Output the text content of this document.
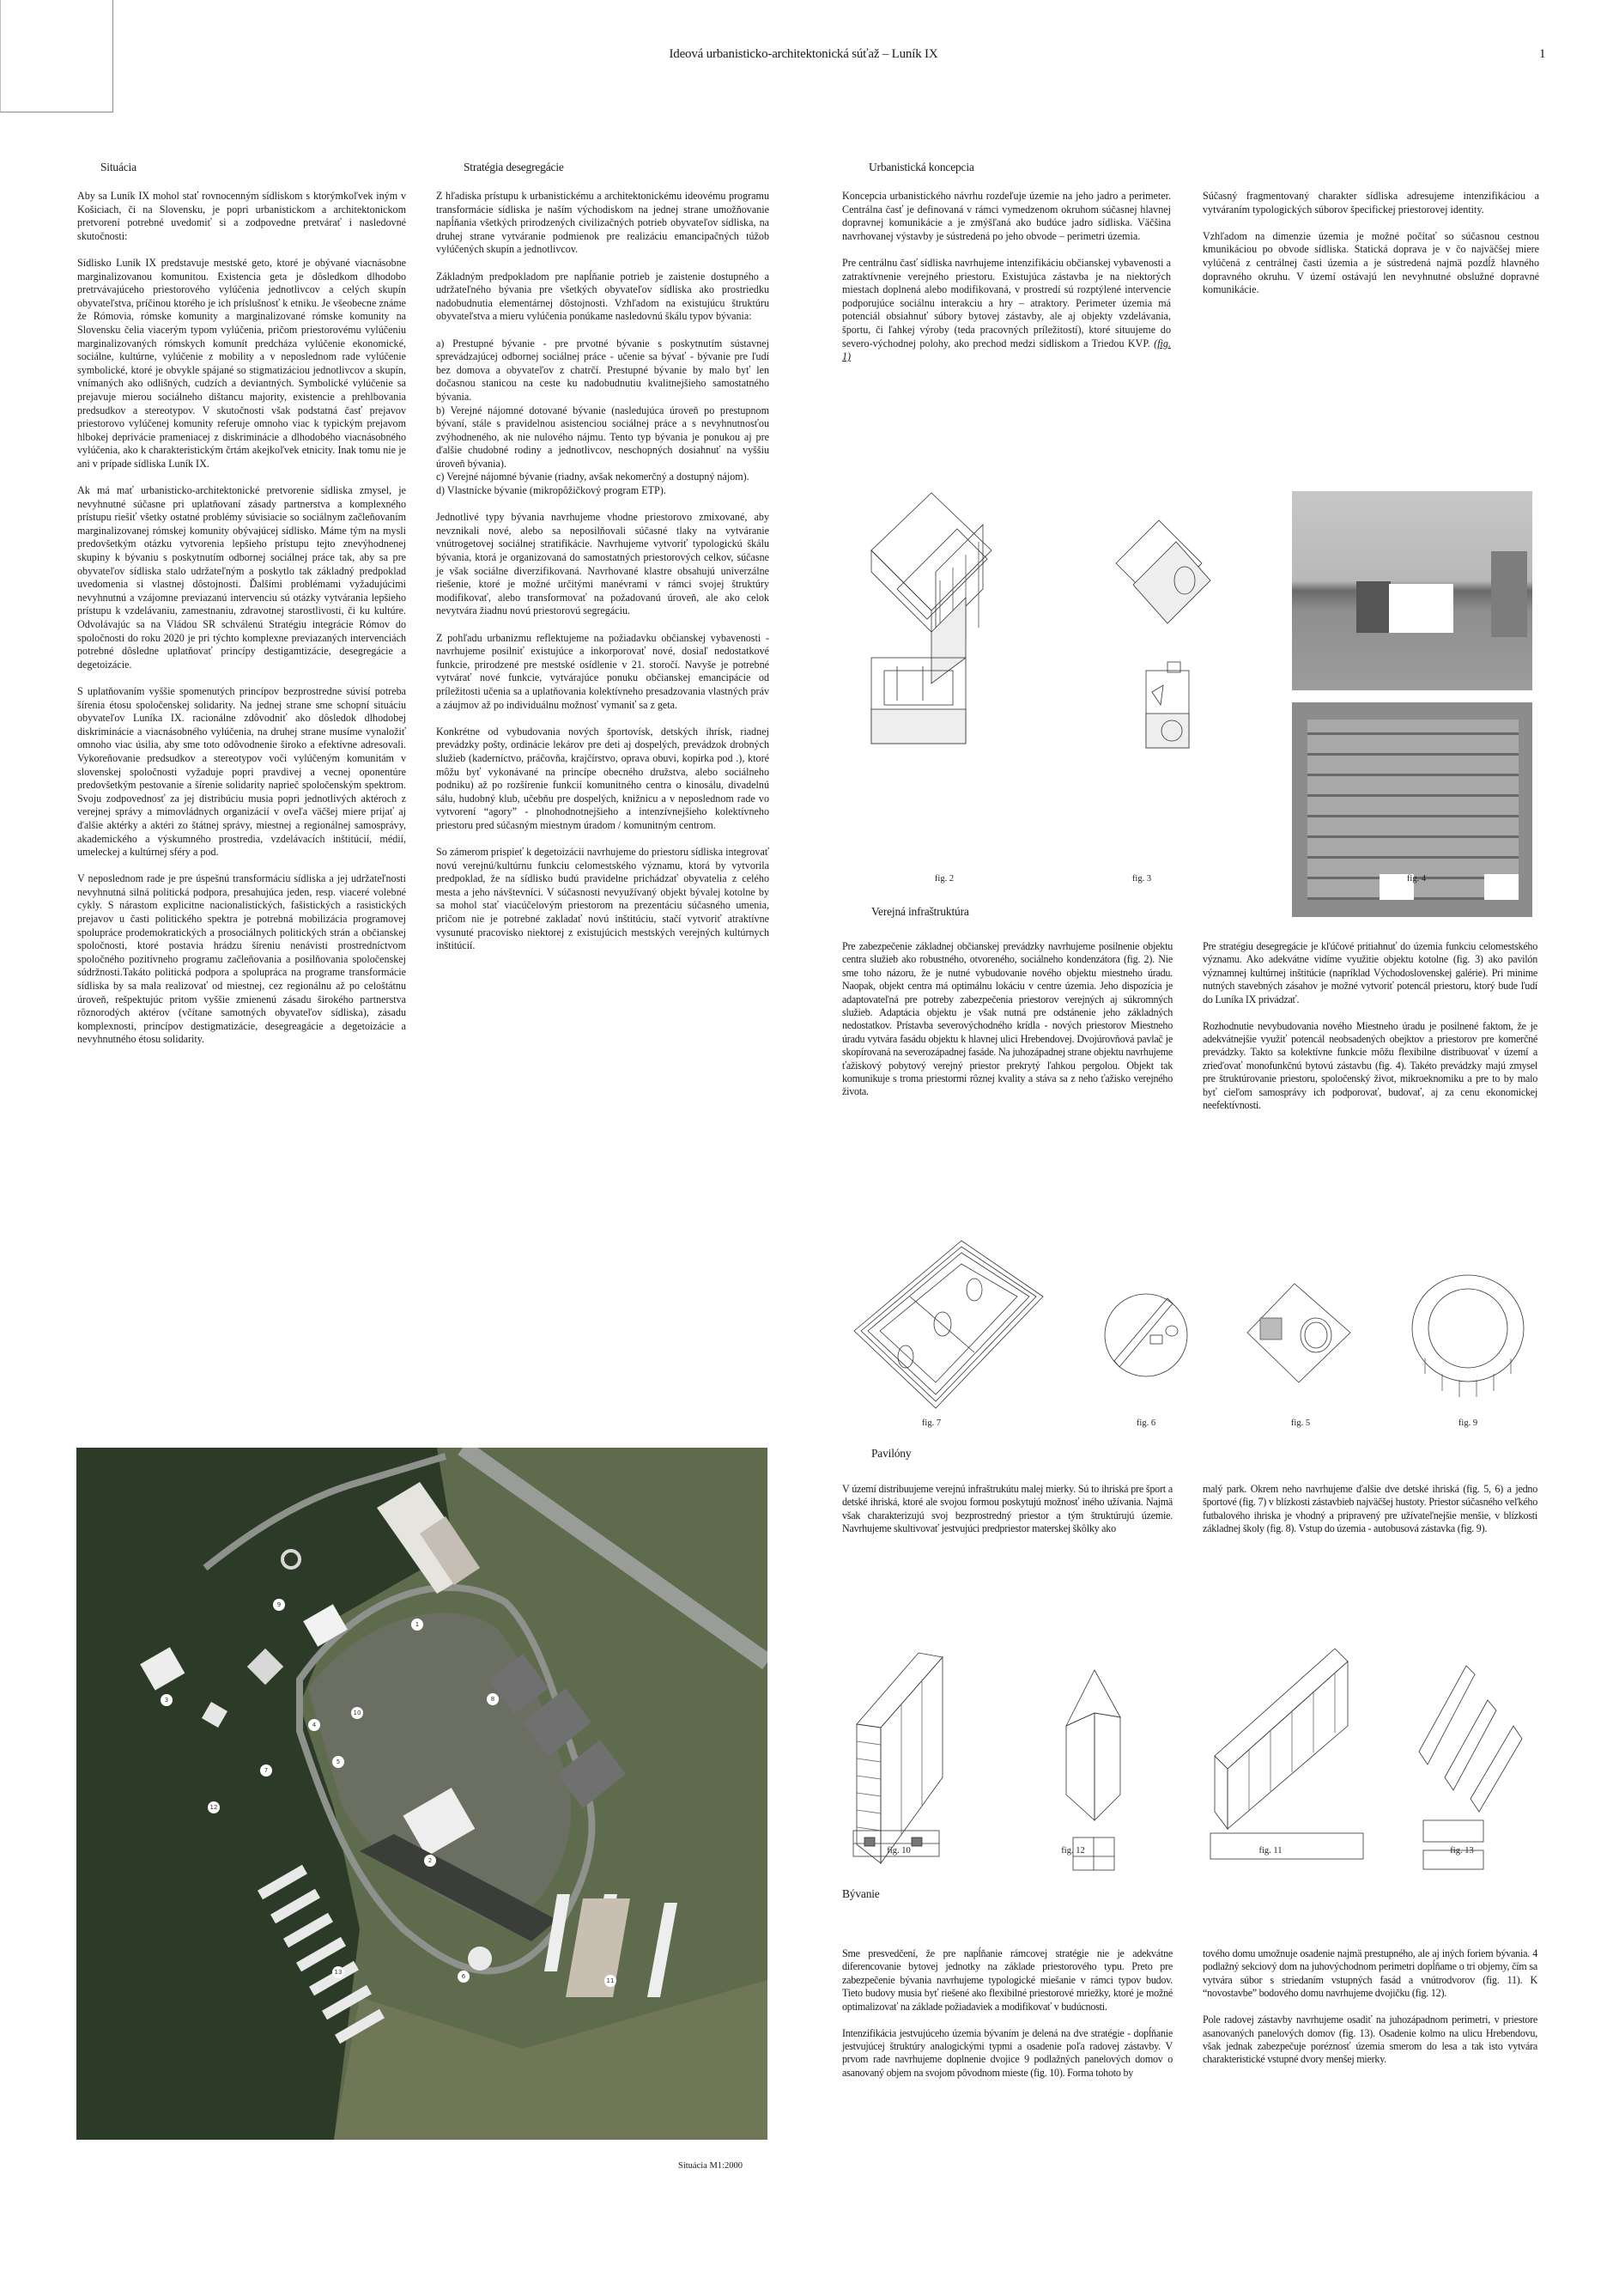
Ideová urbanisticko-architektonická súťaž – Luník IX	1
Situácia	Stratégia desegregácie	Urbanistická koncepcia

Aby sa Luník IX mohol stať rovnocenným sídliskom s ktorýmkoľvek iným v Košiciach, či na Slovensku, je popri urbanistickom a architektonickom pretvorení potrebné uvedomiť si a zodpovedne pretvárať i nasledovné skutočnosti:

Sídlisko Luník IX predstavuje mestské geto, ktoré je obývané viacnásobne marginalizovanou komunitou. Existencia geta je dôsledkom dlhodobo pretrvávajúceho priestorového vylúčenia jednotlivcov a celých skupín obyvateľstva, príčinou ktorého je ich príslušnosť k etniku. Je všeobecne známe že Rómovia, rómske komunity a marginalizované rómske komunity na Slovensku čelia viacerým typom vylúčenia, pričom priestorovému vylúčeniu marginalizovaných rómskych komunít predcháza vylúčenie ekonomické, sociálne, kultúrne, vylúčenie z mobility a v neposlednom rade vylúčenie symbolické, ktoré je obvykle spájané so stigmatizáciou jednotlivcov a skupín, vnímaných ako odlišných, cudzích a deviantných. Symbolické vylúčenie sa prejavuje mierou sociálneho dištancu majority, existencie a prehlbovania predsudkov a stereotypov. V skutočnosti však podstatná časť prejavov priestorovo vylúčenej komunity referuje omnoho viac k typickým prejavom hlbokej deprivácie prameniacej z diskriminácie a dlhodobého viacnásobného vylúčenia, ako k charakteristickým črtám akejkoľvek etnicity. Inak tomu nie je ani v prípade sídliska Luník IX.

Ak má mať urbanisticko-architektonické pretvorenie sídliska zmysel, je nevyhnutné súčasne pri uplatňovaní zásady partnerstva a komplexného prístupu riešiť všetky ostatné problémy súvisiacie so sociálnym začleňovaním marginalizovanej rómskej komunity obývajúcej sídlisko. Máme tým na mysli predovšetkým otázku vytvorenia lepšieho prístupu tejto znevýhodnenej skupiny k bývaniu s poskytnutím odbornej sociálnej práce tak, aby sa pre obyvateľov sídliska stalo udržateľným a poskytlo tak základný predpoklad uvedomenia si vlastnej dôstojnosti. Ďalšími problémami vyžadujúcimi nevyhnutnú a vzájomne previazanú intervenciu sú otázky vytvárania lepšieho prístupu k vzdelávaniu, zamestnaniu, zdravotnej starostlivosti, či ku kultúre. Odvolávajúc sa na Vládou SR schválenú Stratégiu integrácie Rómov do spoločnosti do roku 2020 je pri týchto komplexne previazaných intervenciách potrebné dôsledne uplatňovať princípy destigamtizácie, desegregácie a degetoizácie.

S uplatňovaním vyššie spomenutých princípov bezprostredne súvisí potreba šírenia étosu spoločenskej solidarity. Na jednej strane sme schopní situáciu obyvateľov Luníka IX. racionálne zdôvodniť ako dôsledok dlhodobej diskriminácie a viacnásobného vylúčenia, na druhej strane musíme vynaložiť omnoho viac úsilia, aby sme toto odôvodnenie široko a efektívne adresovali. Vykoreňovanie predsudkov a stereotypov voči vylúčeným komunitám v slovenskej spoločnosti vyžaduje popri pravdivej a vecnej oponentúre predovšetkým pestovanie a šírenie solidarity naprieč spoločenským spektrom. Svoju zodpovednosť za jej distribúciu musia popri jednotlivých aktéroch z verejnej správy a mimovládnych organizácií v oveľa väčšej miere prijať aj ďalšie aktérky a aktéri zo štátnej správy, miestnej a regionálnej samosprávy, akademického a výskumného prostredia, vzdelávacích inštitúcií, médií, umeleckej a kultúrnej sféry a pod.

V neposlednom rade je pre úspešnú transformáciu sídliska a jej udržateľnosti nevyhnutná silná politická podpora, presahujúca jeden, resp. viaceré volebné cykly. S nárastom explicitne nacionalistických, fašistických a rasistických prejavov u časti politického spektra je potrebná mobilizácia programovej spolupráce prodemokratických a prosociálnych politických strán a občianskej spoločnosti, ktoré postavia hrádzu šíreniu nenávisti prostredníctvom spoločného pozitívneho programu začleňovania a posilňovania spoločenskej súdržnosti.Takáto politická podpora a spolupráca na programe transformácie sídliska by sa mala realizovať od miestnej, cez regionálnu až po celoštátnu úroveň, rešpektujúc pritom vyššie zmienenú zásadu širokého partnerstva rôznorodých aktérov (včítane samotných obyvateľov sídliska), zásadu komplexnosti, princípov destigmatizácie, desegreagácie a degetoizácie a nevyhnutného étosu solidarity.

Z hľadiska prístupu k urbanistickému a architektonickému ideovému programu transformácie sídliska je naším východiskom na jednej strane umožňovanie napĺňania všetkých prirodzených civilizačných potrieb obyvateľov sídliska, na druhej strane vytváranie podmienok pre realizáciu emancipačných túžob vylúčených skupín a jednotlivcov.

Základným predpokladom pre napĺňanie potrieb je zaistenie dostupného a udržateľného bývania pre všetkých obyvateľov sídliska ako prostriedku nadobudnutia elementárnej dôstojnosti. Vzhľadom na existujúcu štruktúru obyvateľstva a mieru vylúčenia ponúkame nasledovnú škálu typov bývania:

a) Prestupné bývanie - pre prvotné bývanie s poskytnutím sústavnej sprevádzajúcej odbornej sociálnej práce - učenie sa bývať - bývanie pre ľudí bez domova a obyvateľov z chatrčí. Prestupné bývanie by malo byť len dočasnou stanicou na ceste ku nadobudnutiu kvalitnejšieho samostatného bývania.

b) Verejné nájomné dotované bývanie (nasledujúca úroveň po prestupnom bývaní, stále s pravidelnou asistenciou sociálnej práce a s nevyhnutnosťou zvýhodneného, ak nie nulového nájmu. Tento typ bývania je ponukou aj pre ďalšie chudobné rodiny a jednotlivcov, neschopných dosiahnuť na vyššiu úroveň bývania).

c) Verejné nájomné bývanie (riadny, avšak nekomerčný a dostupný nájom).

d) Vlastnícke bývanie (mikropôžičkový program ETP).

Jednotlivé typy bývania navrhujeme vhodne priestorovo zmixované, aby nevznikali nové, alebo sa neposilňovali súčasné tlaky na vytváranie vnútrogetovej sociálnej stratifikácie. Navrhujeme vytvoriť typologickú škálu bývania, ktorá je organizovaná do samostatných priestorových celkov, súčasne je však sociálne diverzifikovaná. Navrhované klastre obsahujú univerzálne riešenie, ktoré je možné určitými manévrami v rámci svojej štruktúry modifikovať, alebo transformovať na požadovanú úroveň, ale ako celok nevytvára žiadnu novú priestorovú segregáciu.

Z pohľadu urbanizmu reflektujeme na požiadavku občianskej vybavenosti - navrhujeme posilniť existujúce a inkorporovať nové, dosiaľ nedostatkové funkcie, prirodzené pre mestské osídlenie v 21. storočí. Navyše je potrebné vytvárať nové funkcie, vytvárajúce ponuku občianskej emancipácie od príležitosti učenia sa a uplatňovania kolektívneho presadzovania vlastných práv a záujmov až po individuálnu možnosť vymaniť sa z geta.

Konkrétne od vybudovania nových športovísk, detských ihrísk, riadnej prevádzky pošty, ordinácie lekárov pre deti aj dospelých, prevádzok drobných služieb (kaderníctvo, práčovňa, krajčírstvo, oprava obuvi, kopírka pod .), ktoré môžu byť vykonávané na princípe obecného družstva, alebo sociálneho podniku) až po rozšírenie funkcií komunitného centra o kinosálu, divadelnú sálu, hudobný klub, učebňu pre dospelých, knižnicu a v neposlednom rade vo vytvorení “agory” - plnohodnotnejšieho a intenzívnejšieho kolektívneho priestoru pred súčasným miestnym úradom / komunitným centrom.

So zámerom prispieť k degetoizácii navrhujeme do priestoru sídliska integrovať novú verejnú/kultúrnu funkciu celomestského významu, ktorá by vytvorila predpoklad, že na sídlisko budú pravidelne prichádzať obyvatelia z celého mesta a jeho návštevníci. V súčasnosti nevyužívaný objekt bývalej kotolne by sa mohol stať viacúčelovým priestorom na prezentáciu súčasného umenia, pričom nie je potrebné zakladať novú inštitúciu, stačí vytvoriť atraktívne vysunuté pracovisko niektorej z existujúcich mestských verejných kultúrnych inštitúcií.

Koncepcia urbanistického návrhu rozdeľuje územie na jeho jadro a perimeter. Centrálna časť je definovaná v rámci vymedzenom okruhom súčasnej hlavnej dopravnej komunikácie a je zmýšľaná ako budúce jadro sídliska. Väčšina navrhovanej výstavby je sústredená po jeho obvode – perimetri územia.

Pre centrálnu časť sídliska navrhujeme intenzifikáciu občianskej vybavenosti a zatraktívnenie verejného priestoru. Existujúca zástavba je na niektorých miestach doplnená alebo modifikovaná, v prostredí sú rozptýlené intervencie podporujúce sociálnu interakciu a hry – atraktory. Perimeter územia má potenciál obsiahnuť súbory bytovej zástavby, ale aj objekty vzdelávania, športu, či ľahkej výroby (teda pracovných príležitostí), ktoré situujeme do severo-východnej polohy, ako prechod medzi sídliskom a Triedou KVP. (fig. 1)

Súčasný fragmentovaný charakter sídliska adresujeme intenzifikáciou a vytváraním typologických súborov špecifickej priestorovej identity.

Vzhľadom na dimenzie územia je možné počítať so súčasnou cestnou kmunikáciou po obvode sídliska. Statická doprava je v čo najväčšej miere vylúčená z centrálnej časti územia a je sústredená najmä pozdĺž hlavného dopravného okruhu. V území ostávajú len nevyhnutné obslužné dopravné komunikácie.

fig. 2	fig. 3	fig. 4
Verejná infraštruktúra

Pre zabezpečenie základnej občianskej prevádzky navrhujeme posilnenie objektu centra služieb ako robustného, otvoreného, sociálneho kondenzátora (fig. 2). Nie sme toho názoru, že je nutné vybudovanie nového objektu miestneho úradu. Naopak, objekt centra má optimálnu lokáciu v centre územia. Jeho dispozícia je adaptovateľná pre potreby zabezpečenia priestorov verejných aj súkromných služieb. Adaptácia objektu je však nutná pre odstánenie jeho základných nedostatkov. Prístavba severovýchodného krídla - nových priestorov Miestneho úradu vytvára fasádu objektu k hlavnej ulici Hrebendovej. Dvojúrovňová pavlač je skopírovaná na severozápadnej fasáde. Na juhozápadnej strane objektu navrhujeme ťažiskový pobytový verejný priestor prekrytý ľahkou pergolou. Objekt tak komunikuje s troma priestormi rôznej kvality a stáva sa z neho ťažisko verejného života.

Pre stratégiu desegregácie je kľúčové pritiahnuť do územia funkciu celomestského významu. Ako adekvátne vidíme využitie objektu kotolne (fig. 3) ako pavilón významnej kultúrnej inštitúcie (napríklad Východoslovenskej galérie). Pri minime nutných stavebných zásahov je možné vytvoriť potencál priestoru, ktorý bude ľudí do Luníka IX privádzať.

Rozhodnutie nevybudovania nového Miestneho úradu je posilnené faktom, že je adekvátnejšie využiť potencál neobsadených obejktov a priestorov pre komerčné prevádzky. Takto sa kolektívne funkcie môžu flexibilne distribuovať v území a zrieďovať monofunkčnú bytovú zástavbu (fig. 4). Takéto prevádzky majú zmysel pre štruktúrovanie priestoru, spoločenský život, mikroeknomiku a pre to by malo byť cieľom samosprávy ich podporovať, budovať, aj za cenu ekonomickej neefektívnosti.

fig. 7	fig. 6	fig. 5	fig. 9
Pavilóny

V území distribuujeme verejnú infraštrukútu malej mierky. Sú to ihriská pre šport a detské ihriská, ktoré ale svojou formou poskytujú možnosť iného užívania. Najmä však charakterizujú svoj bezprostredný priestor a tým štruktúrujú územie. Navrhujeme skultivovať jestvujúci predpriestor materskej škôlky ako

malý park. Okrem neho navrhujeme ďalšie dve detské ihriská (fig. 5, 6) a jedno športové (fig. 7) v blízkosti zástavbieb najväčšej hustoty. Priestor súčasného veľkého futbalového ihriska je vhodný a pripravený pre užívateľnejšie menšie, v blízkosti základnej školy (fig. 8). Vstup do územia - autobusová zástavka (fig. 9).

fig. 10	fig. 12	fig. 11	fig. 13
Bývanie

Sme presvedčení, že pre napĺňanie rámcovej stratégie nie je adekvátne diferencovanie bytovej jednotky na základe priestorového typu. Preto pre zabezpečenie bývania navrhujeme typologické miešanie v rámci typov budov. Tieto budovy musia byť riešené ako flexibilné priestorové mriežky, ktoré je možné optimalizovať na základe požiadaviek a modifikovať v budúcnosti.

Intenzifikácia jestvujúceho územia bývaním je delená na dve stratégie - dopĺňanie jestvujúcej štruktúry analogickými typmi a osadenie poľa radovej zástavby. V prvom rade navrhujeme doplnenie dvojice 9 podlažných panelových domov o asanovaný objem na svojom pôvodnom mieste (fig. 10). Forma tohoto by

tového domu umožnuje osadenie najmä prestupného, ale aj iných foriem bývania. 4 podlažný sekciový dom na juhovýchodnom perimetri dopĺňame o tri objemy, čím sa vytvára súbor s striedaním vstupných fasád a vnútrodvorov (fig. 11). K “novostavbe” bodového domu navrhujeme dvojičku (fig. 12).

Pole radovej zástavby navrhujeme osadiť na juhozápadnom perimetri, v priestore asanovaných panelových domov (fig. 13). Osadenie kolmo na ulicu Hrebendovu, však jednak zabezpečuje poréznosť územia smerom do lesa a tak isto vytvára charakteristické vstupné dvory menšej mierky.

1
2
3
4
5
6
7
8
9
10
11
12
13
Situácia M1:2000
